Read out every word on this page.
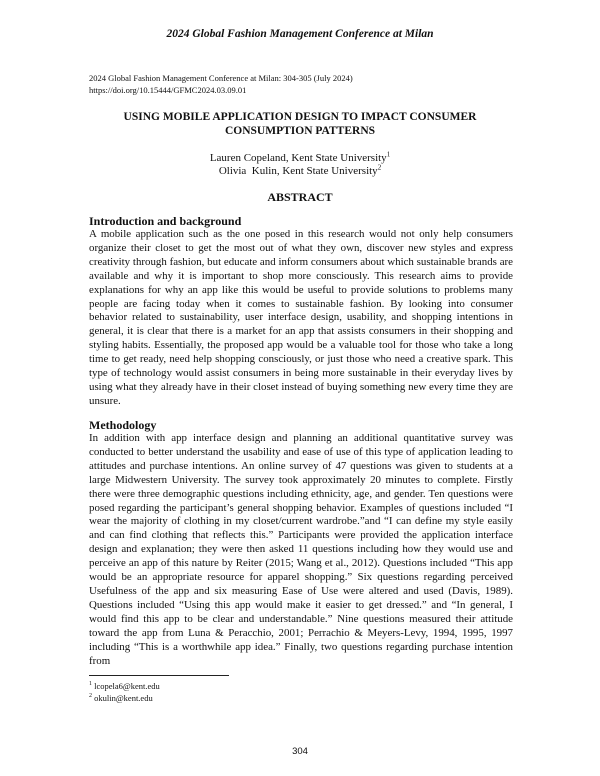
2024 Global Fashion Management Conference at Milan
2024 Global Fashion Management Conference at Milan: 304-305 (July 2024)
https://doi.org/10.15444/GFMC2024.03.09.01
USING MOBILE APPLICATION DESIGN TO IMPACT CONSUMER
CONSUMPTION PATTERNS
Lauren Copeland, Kent State University$^1$
Olivia  Kulin, Kent State University$^2$
ABSTRACT
Introduction and background

A mobile application such as the one posed in this research would not only help consumers organize their closet to get the most out of what they own, discover new styles and express creativity through fashion, but educate and inform consumers about which sustainable brands are available and why it is important to shop more consciously. This research aims to provide explanations for why an app like this would be useful to provide solutions to problems many people are facing today when it comes to sustainable fashion. By looking into consumer behavior related to sustainability, user interface design, usability, and shopping intentions in general, it is clear that there is a market for an app that assists consumers in their shopping and styling habits. Essentially, the proposed app would be a valuable tool for those who take a long time to get ready, need help shopping consciously, or just those who need a creative spark. This type of technology would assist consumers in being more sustainable in their everyday lives by using what they already have in their closet instead of buying something new every time they are unsure.

Methodology

In addition with app interface design and planning an additional quantitative survey was conducted to better understand the usability and ease of use of this type of application leading to attitudes and purchase intentions. An online survey of 47 questions was given to students at a large Midwestern University. The survey took approximately 20 minutes to complete. Firstly there were three demographic questions including ethnicity, age, and gender. Ten questions were posed regarding the participant’s general shopping behavior. Examples of questions included “I wear the majority of clothing in my closet/current wardrobe.”and “I can define my style easily and can find clothing that reflects this.” Participants were provided the application interface design and explanation; they were then asked 11 questions including how they would use and perceive an app of this nature by Reiter (2015; Wang et al., 2012). Questions included “This app would be an appropriate resource for apparel shopping.” Six questions regarding perceived Usefulness of the app and six measuring Ease of Use were altered and used (Davis, 1989). Questions included “Using this app would make it easier to get dressed.” and “In general, I would find this app to be clear and understandable.” Nine questions measured their attitude toward the app from Luna & Peracchio, 2001; Perrachio & Meyers-Levy, 1994, 1995, 1997 including “This is a worthwhile app idea.” Finally, two questions regarding purchase intention from

$^1$ lcopela6@kent.edu
$^2$ okulin@kent.edu
304
